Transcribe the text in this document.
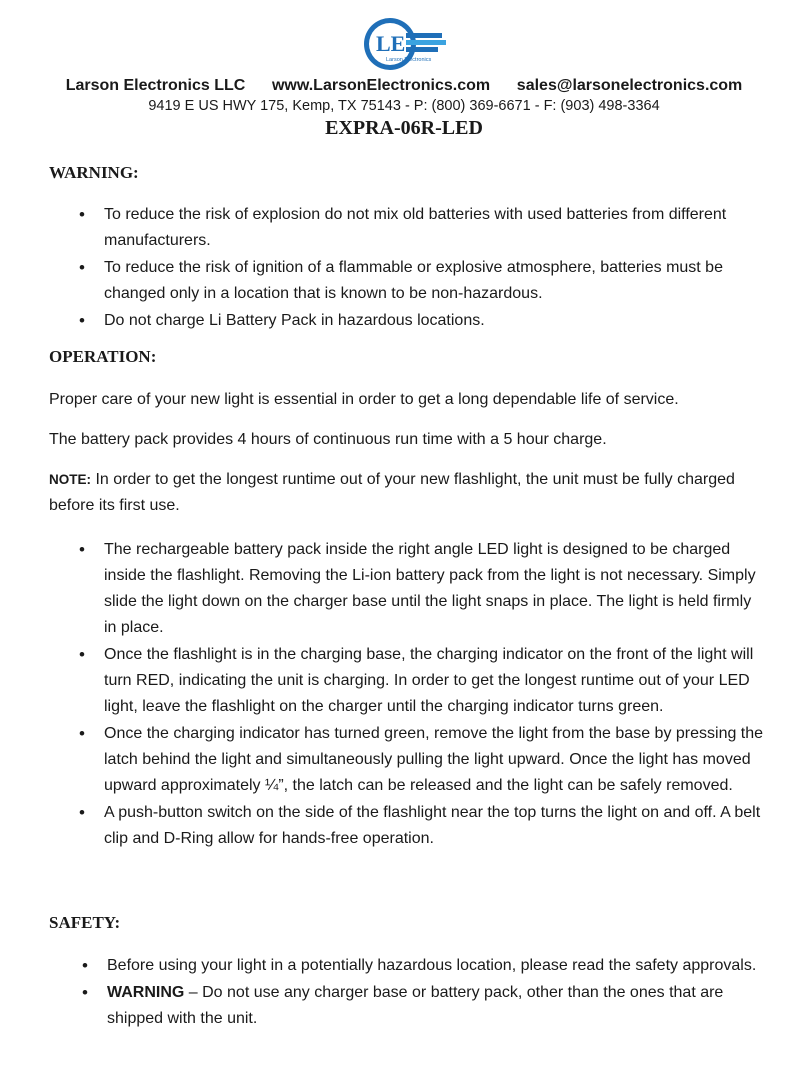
LE
Larson Electronics
Larson Electronics LLC www.LarsonElectronics.com sales@larsonelectronics.com
9419 E US HWY 175, Kemp, TX 75143 - P: (800) 369-6671 - F: (903) 498-3364
EXPRA-06R-LED
WARNING:
• To reduce the risk of explosion do not mix old batteries with used batteries from different manufacturers.
• To reduce the risk of ignition of a flammable or explosive atmosphere, batteries must be changed only in a location that is known to be non-hazardous.
• Do not charge Li Battery Pack in hazardous locations.
OPERATION:
Proper care of your new light is essential in order to get a long dependable life of service.
The battery pack provides 4 hours of continuous run time with a 5 hour charge.
NOTE: In order to get the longest runtime out of your new flashlight, the unit must be fully charged before its first use.
• The rechargeable battery pack inside the right angle LED light is designed to be charged inside the flashlight. Removing the Li-ion battery pack from the light is not necessary. Simply slide the light down on the charger base until the light snaps in place. The light is held firmly in place.
• Once the flashlight is in the charging base, the charging indicator on the front of the light will turn RED, indicating the unit is charging. In order to get the longest runtime out of your LED light, leave the flashlight on the charger until the charging indicator turns green.
• Once the charging indicator has turned green, remove the light from the base by pressing the latch behind the light and simultaneously pulling the light upward. Once the light has moved upward approximately ¼”, the latch can be released and the light can be safely removed.
• A push-button switch on the side of the flashlight near the top turns the light on and off. A belt clip and D-Ring allow for hands-free operation.
SAFETY:
• Before using your light in a potentially hazardous location, please read the safety approvals.
• WARNING – Do not use any charger base or battery pack, other than the ones that are shipped with the unit.
